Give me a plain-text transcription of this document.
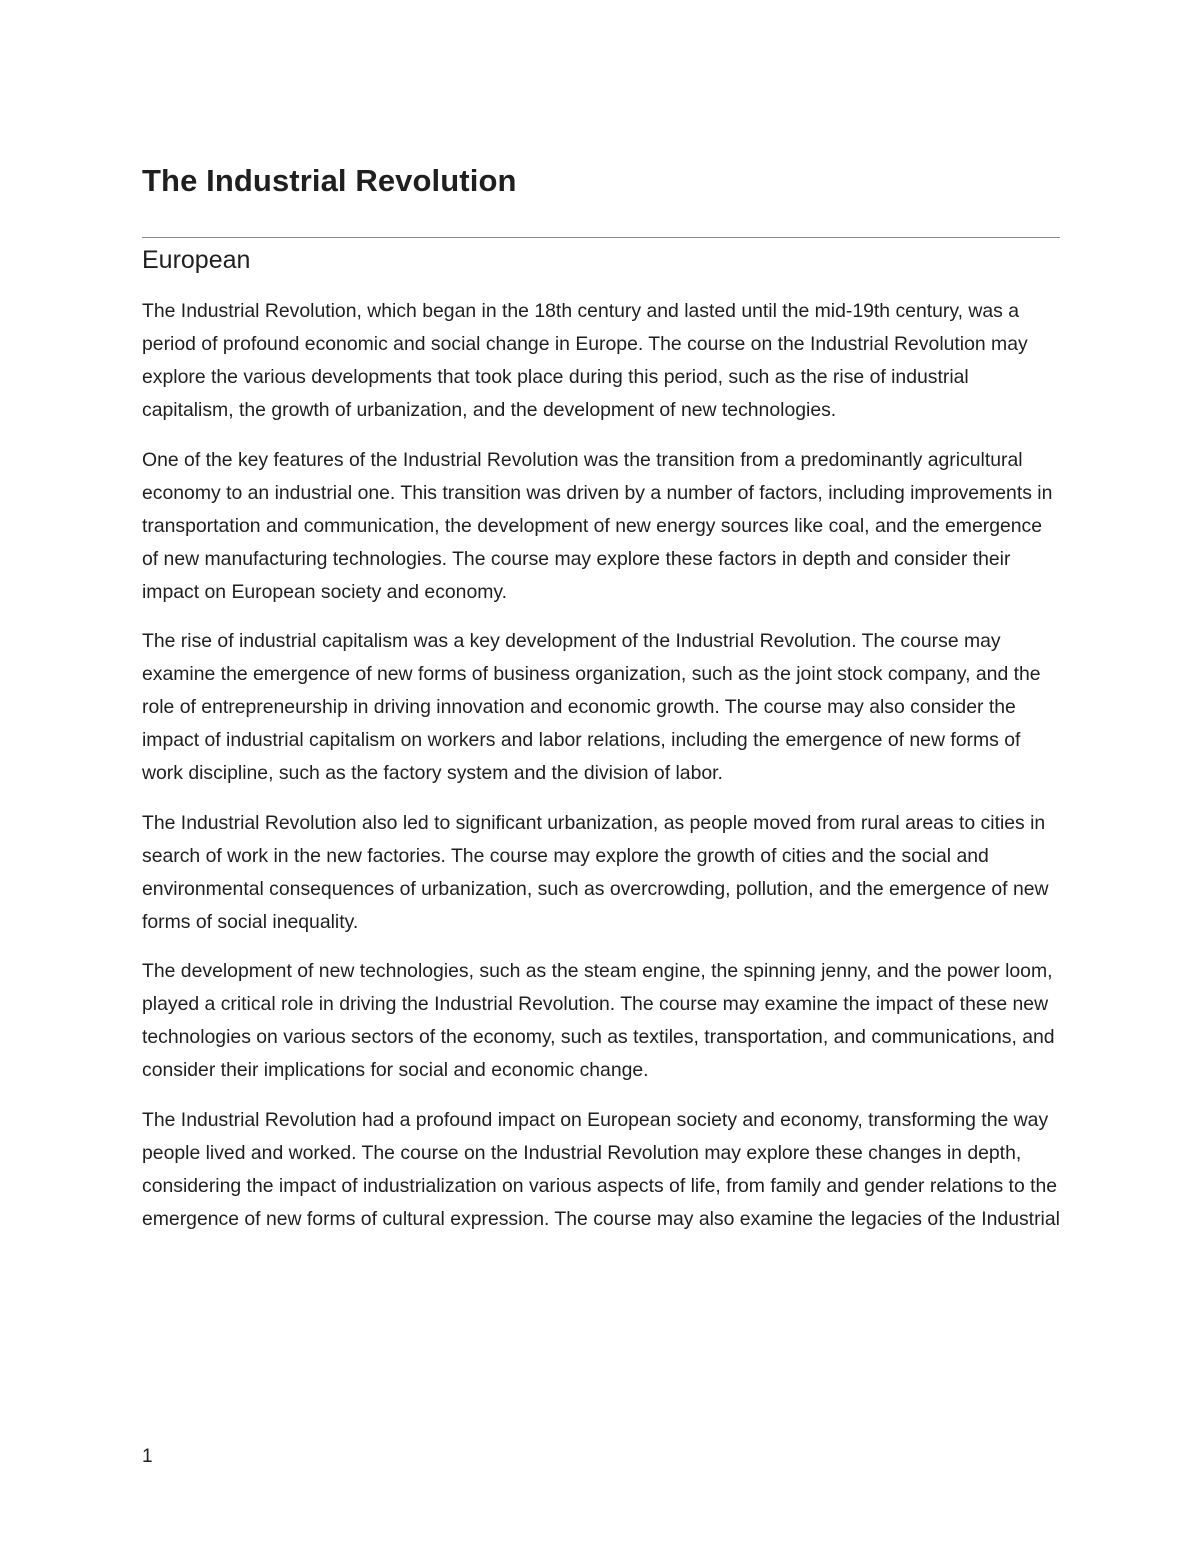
The Industrial Revolution
European

The Industrial Revolution, which began in the 18th century and lasted until the mid-19th century, was a period of profound economic and social change in Europe. The course on the Industrial Revolution may explore the various developments that took place during this period, such as the rise of industrial capitalism, the growth of urbanization, and the development of new technologies.

One of the key features of the Industrial Revolution was the transition from a predominantly agricultural economy to an industrial one. This transition was driven by a number of factors, including improvements in transportation and communication, the development of new energy sources like coal, and the emergence of new manufacturing technologies. The course may explore these factors in depth and consider their impact on European society and economy.

The rise of industrial capitalism was a key development of the Industrial Revolution. The course may examine the emergence of new forms of business organization, such as the joint stock company, and the role of entrepreneurship in driving innovation and economic growth. The course may also consider the impact of industrial capitalism on workers and labor relations, including the emergence of new forms of work discipline, such as the factory system and the division of labor.

The Industrial Revolution also led to significant urbanization, as people moved from rural areas to cities in search of work in the new factories. The course may explore the growth of cities and the social and environmental consequences of urbanization, such as overcrowding, pollution, and the emergence of new forms of social inequality.

The development of new technologies, such as the steam engine, the spinning jenny, and the power loom, played a critical role in driving the Industrial Revolution. The course may examine the impact of these new technologies on various sectors of the economy, such as textiles, transportation, and communications, and consider their implications for social and economic change.

The Industrial Revolution had a profound impact on European society and economy, transforming the way people lived and worked. The course on the Industrial Revolution may explore these changes in depth, considering the impact of industrialization on various aspects of life, from family and gender relations to the emergence of new forms of cultural expression. The course may also examine the legacies of the Industrial

1
